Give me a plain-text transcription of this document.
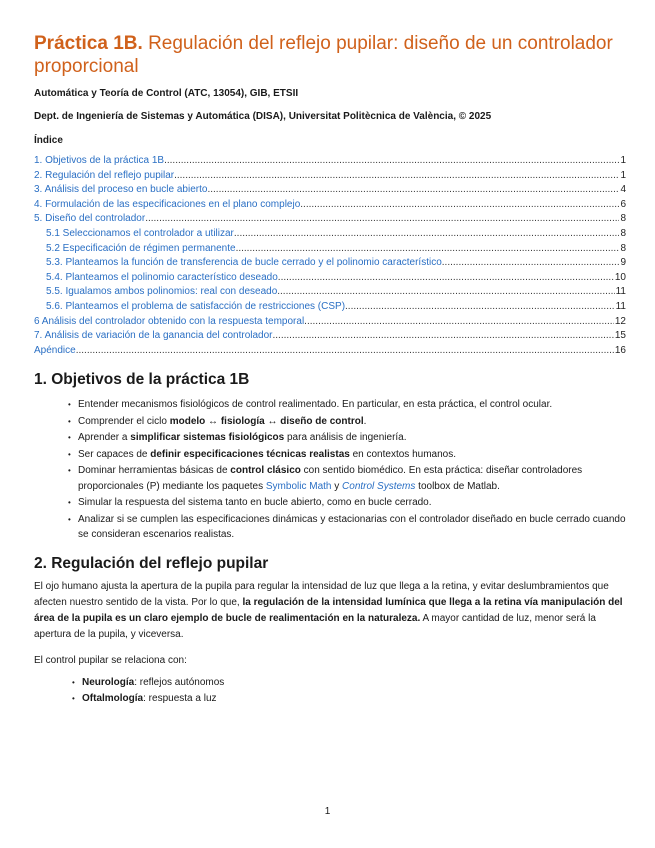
Práctica 1B. Regulación del reflejo pupilar: diseño de un controlador proporcional
Automática y Teoría de Control (ATC, 13054), GIB, ETSII
Dept. de Ingeniería de Sistemas y Automática (DISA), Universitat Politècnica de València, © 2025
Índice
1. Objetivos de la práctica 1B .....	1
2. Regulación del reflejo pupilar .....	1
3. Análisis del proceso en bucle abierto .....	4
4. Formulación de las especificaciones en el plano complejo .....	6
5. Diseño del controlador .....	8
5.1 Seleccionamos el controlador a utilizar .....	8
5.2 Especificación de régimen permanente .....	8
5.3. Planteamos la función de transferencia de bucle cerrado y el polinomio característico .....	9
5.4. Planteamos el polinomio característico deseado .....	10
5.5. Igualamos ambos polinomios: real con deseado .....	11
5.6. Planteamos el problema de satisfacción de restricciones (CSP) .....	11
6 Análisis del controlador obtenido con la respuesta temporal .....	12
7. Análisis de variación de la ganancia del controlador .....	15
Apéndice .....	16
1. Objetivos de la práctica 1B
• Entender mecanismos fisiológicos de control realimentado. En particular, en esta práctica, el control ocular.
• Comprender el ciclo modelo ↔ fisiología ↔ diseño de control.
• Aprender a simplificar sistemas fisiológicos para análisis de ingeniería.
• Ser capaces de definir especificaciones técnicas realistas en contextos humanos.
• Dominar herramientas básicas de control clásico con sentido biomédico. En esta práctica: diseñar controladores proporcionales (P) mediante los paquetes Symbolic Math y Control Systems toolbox de Matlab.
• Simular la respuesta del sistema tanto en bucle abierto, como en bucle cerrado.
• Analizar si se cumplen las especificaciones dinámicas y estacionarias con el controlador diseñado en bucle cerrado cuando se consideran escenarios realistas.
2. Regulación del reflejo pupilar

El ojo humano ajusta la apertura de la pupila para regular la intensidad de luz que llega a la retina, y evitar deslumbramientos que afecten nuestro sentido de la vista. Por lo que, la regulación de la intensidad lumínica que llega a la retina vía manipulación del área de la pupila es un claro ejemplo de bucle de realimentación en la naturaleza. A mayor cantidad de luz, menor será la apertura de la pupila, y viceversa.

El control pupilar se relaciona con:

• Neurología: reflejos autónomos
• Oftalmología: respuesta a luz
1
